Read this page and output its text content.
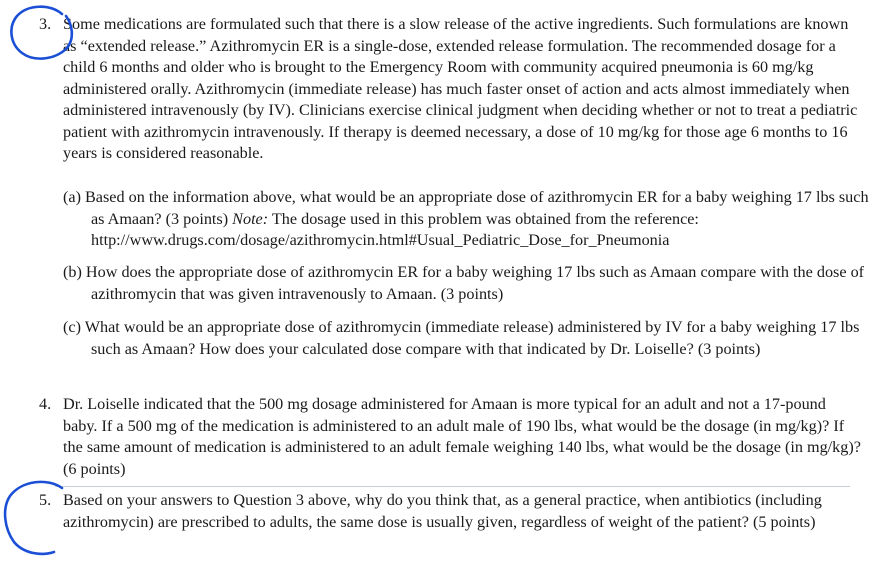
3. Some medications are formulated such that there is a slow release of the active ingredients. Such formulations are known as “extended release.” Azithromycin ER is a single-dose, extended release formulation. The recommended dosage for a child 6 months and older who is brought to the Emergency Room with community acquired pneumonia is 60 mg/kg administered orally. Azithromycin (immediate release) has much faster onset of action and acts almost immediately when administered intravenously (by IV). Clinicians exercise clinical judgment when deciding whether or not to treat a pediatric patient with azithromycin intravenously. If therapy is deemed necessary, a dose of 10 mg/kg for those age 6 months to 16 years is considered reasonable.
(a) Based on the information above, what would be an appropriate dose of azithromycin ER for a baby weighing 17 lbs such as Amaan? (3 points) Note: The dosage used in this problem was obtained from the reference: http://www.drugs.com/dosage/azithromycin.html#Usual_Pediatric_Dose_for_Pneumonia
(b) How does the appropriate dose of azithromycin ER for a baby weighing 17 lbs such as Amaan compare with the dose of azithromycin that was given intravenously to Amaan. (3 points)
(c) What would be an appropriate dose of azithromycin (immediate release) administered by IV for a baby weighing 17 lbs such as Amaan? How does your calculated dose compare with that indicated by Dr. Loiselle? (3 points)
4. Dr. Loiselle indicated that the 500 mg dosage administered for Amaan is more typical for an adult and not a 17-pound baby. If a 500 mg of the medication is administered to an adult male of 190 lbs, what would be the dosage (in mg/kg)? If the same amount of medication is administered to an adult female weighing 140 lbs, what would be the dosage (in mg/kg)? (6 points)
5. Based on your answers to Question 3 above, why do you think that, as a general practice, when antibiotics (including azithromycin) are prescribed to adults, the same dose is usually given, regardless of weight of the patient? (5 points)
